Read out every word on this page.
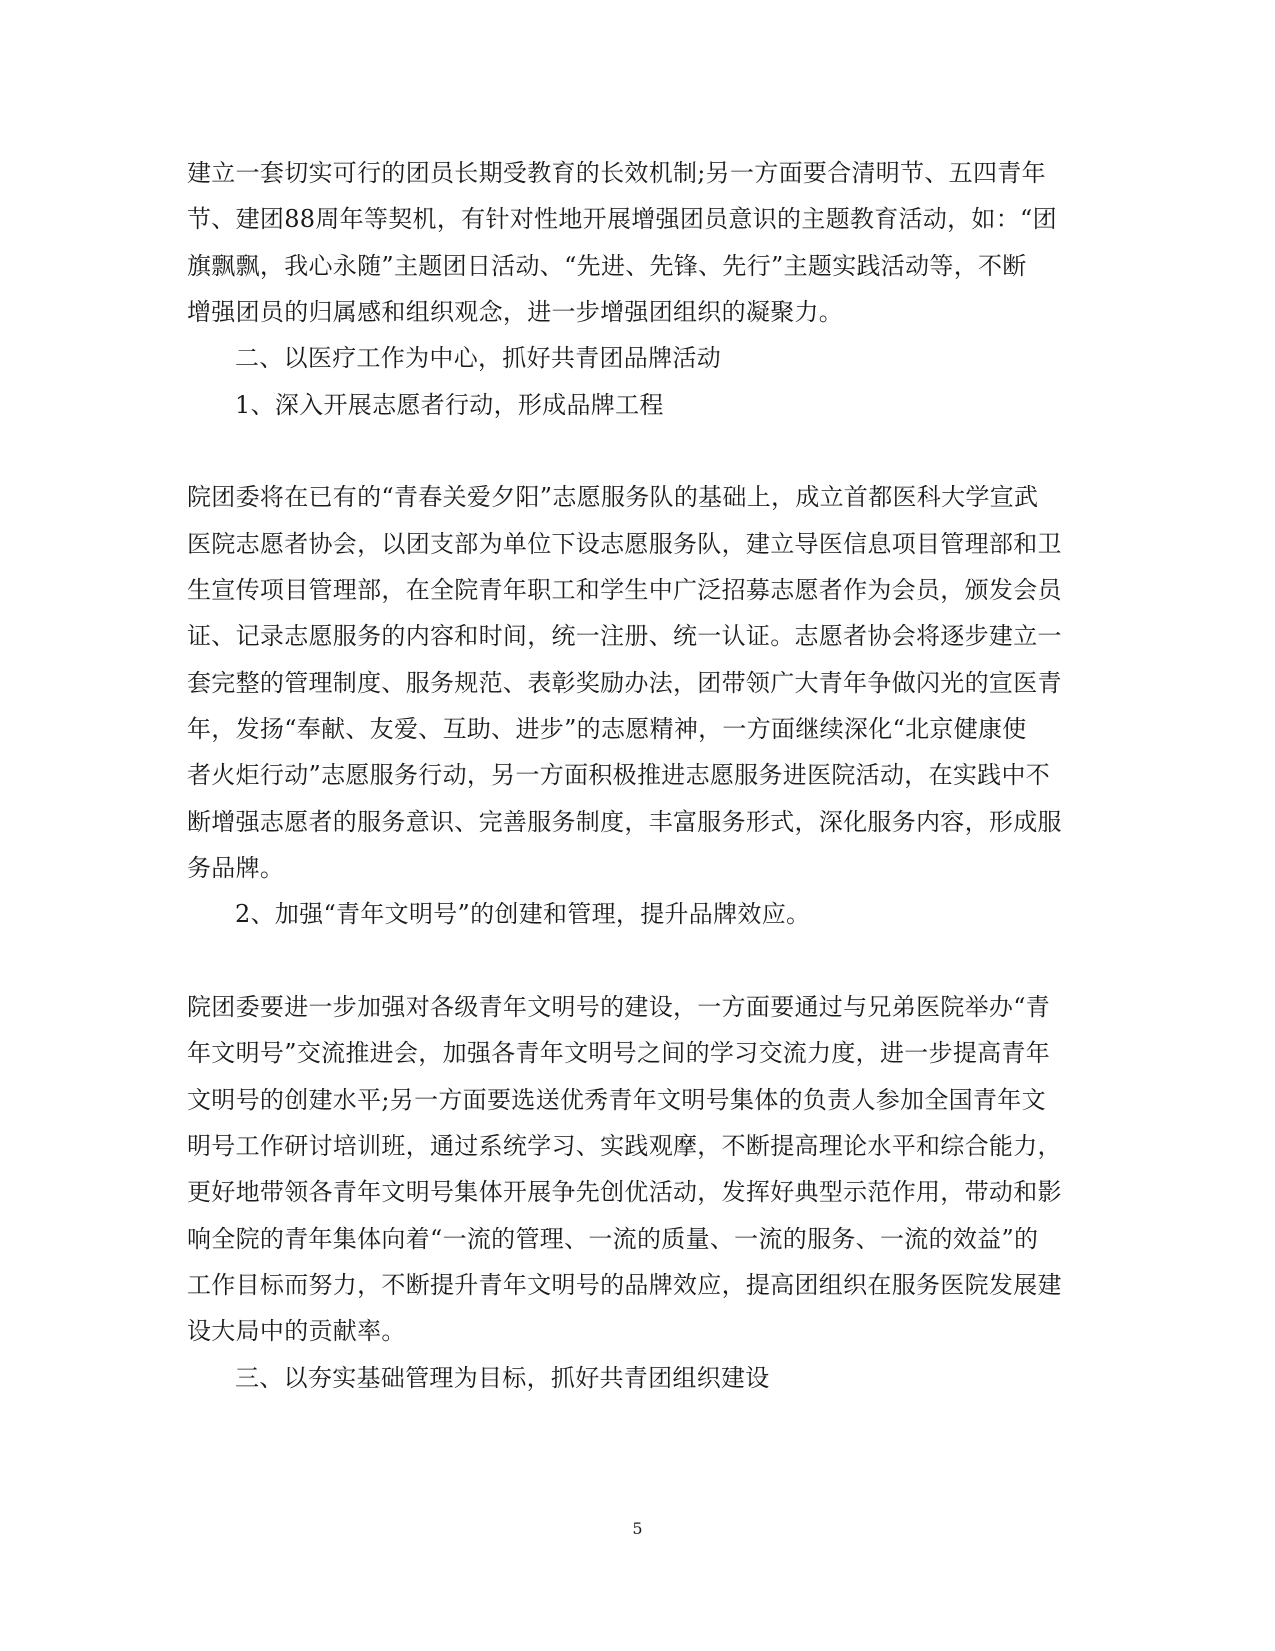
建立一套切实可行的团员长期受教育的长效机制;另一方面要合清明节、五四青年
节、建团88周年等契机，有针对性地开展增强团员意识的主题教育活动，如：“团
旗飘飘，我心永随”主题团日活动、“先进、先锋、先行”主题实践活动等，不断
增强团员的归属感和组织观念，进一步增强团组织的凝聚力。
二、以医疗工作为中心，抓好共青团品牌活动
1、深入开展志愿者行动，形成品牌工程
院团委将在已有的“青春关爱夕阳”志愿服务队的基础上，成立首都医科大学宣武
医院志愿者协会，以团支部为单位下设志愿服务队，建立导医信息项目管理部和卫
生宣传项目管理部，在全院青年职工和学生中广泛招募志愿者作为会员，颁发会员
证、记录志愿服务的内容和时间，统一注册、统一认证。志愿者协会将逐步建立一
套完整的管理制度、服务规范、表彰奖励办法，团带领广大青年争做闪光的宣医青
年，发扬“奉献、友爱、互助、进步”的志愿精神，一方面继续深化“北京健康使
者火炬行动”志愿服务行动，另一方面积极推进志愿服务进医院活动，在实践中不
断增强志愿者的服务意识、完善服务制度，丰富服务形式，深化服务内容，形成服
务品牌。
2、加强“青年文明号”的创建和管理，提升品牌效应。
院团委要进一步加强对各级青年文明号的建设，一方面要通过与兄弟医院举办“青
年文明号”交流推进会，加强各青年文明号之间的学习交流力度，进一步提高青年
文明号的创建水平;另一方面要选送优秀青年文明号集体的负责人参加全国青年文
明号工作研讨培训班，通过系统学习、实践观摩，不断提高理论水平和综合能力，
更好地带领各青年文明号集体开展争先创优活动，发挥好典型示范作用，带动和影
响全院的青年集体向着“一流的管理、一流的质量、一流的服务、一流的效益”的
工作目标而努力，不断提升青年文明号的品牌效应，提高团组织在服务医院发展建
设大局中的贡献率。
三、以夯实基础管理为目标，抓好共青团组织建设
5
